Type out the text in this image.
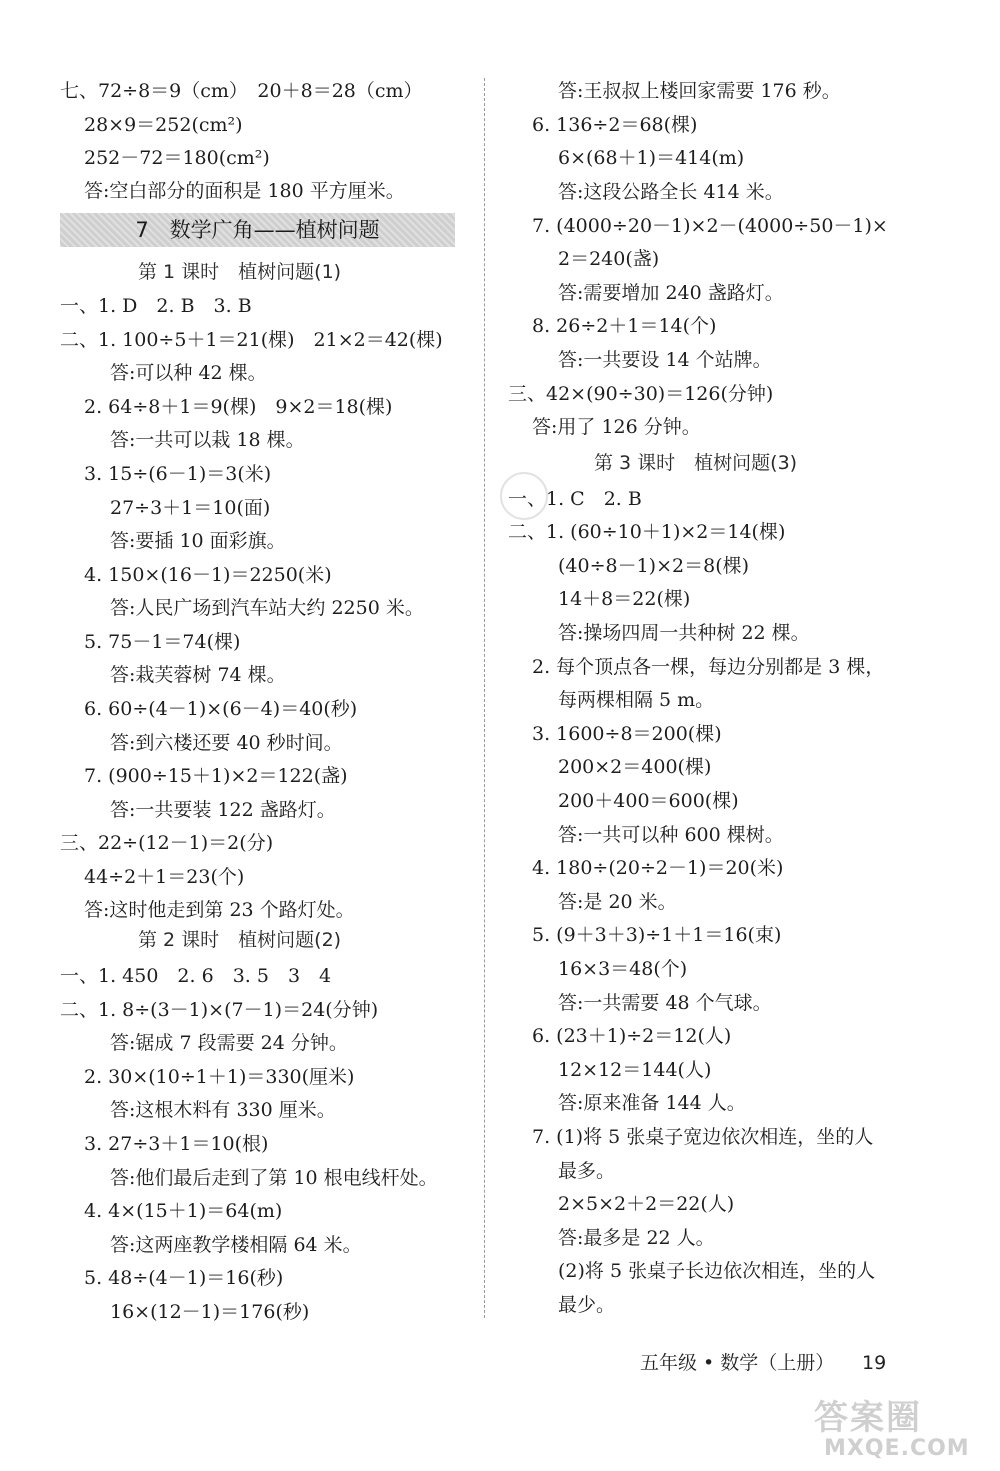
七、72÷8＝9（cm）　20＋8＝28（cm）
28×9＝252(cm²)
252－72＝180(cm²)
答:空白部分的面积是 180 平方厘米。
7　数学广角——植树问题
第 1 课时　植树问题(1)
一、1. D　2. B　3. B
二、1. 100÷5＋1＝21(棵)　21×2＝42(棵)
答:可以种 42 棵。
2. 64÷8＋1＝9(棵)　9×2＝18(棵)
答:一共可以栽 18 棵。
3. 15÷(6－1)＝3(米)
27÷3＋1＝10(面)
答:要插 10 面彩旗。
4. 150×(16－1)＝2250(米)
答:人民广场到汽车站大约 2250 米。
5. 75－1＝74(棵)
答:栽芙蓉树 74 棵。
6. 60÷(4－1)×(6－4)＝40(秒)
答:到六楼还要 40 秒时间。
7. (900÷15＋1)×2＝122(盏)
答:一共要装 122 盏路灯。
三、22÷(12－1)＝2(分)
44÷2＋1＝23(个)
答:这时他走到第 23 个路灯处。
第 2 课时　植树问题(2)
一、1. 450　2. 6　3. 5　3　4
二、1. 8÷(3－1)×(7－1)＝24(分钟)
答:锯成 7 段需要 24 分钟。
2. 30×(10÷1＋1)＝330(厘米)
答:这根木料有 330 厘米。
3. 27÷3＋1＝10(根)
答:他们最后走到了第 10 根电线杆处。
4. 4×(15＋1)＝64(m)
答:这两座教学楼相隔 64 米。
5. 48÷(4－1)＝16(秒)
16×(12－1)＝176(秒)
答:王叔叔上楼回家需要 176 秒。
6. 136÷2＝68(棵)
6×(68＋1)＝414(m)
答:这段公路全长 414 米。
7. (4000÷20－1)×2－(4000÷50－1)×
2＝240(盏)
答:需要增加 240 盏路灯。
8. 26÷2＋1＝14(个)
答:一共要设 14 个站牌。
三、42×(90÷30)＝126(分钟)
答:用了 126 分钟。
第 3 课时　植树问题(3)
一、1. C　2. B
二、1. (60÷10＋1)×2＝14(棵)
(40÷8－1)×2＝8(棵)
14＋8＝22(棵)
答:操场四周一共种树 22 棵。
2. 每个顶点各一棵，每边分别都是 3 棵，
每两棵相隔 5 m。
3. 1600÷8＝200(棵)
200×2＝400(棵)
200＋400＝600(棵)
答:一共可以种 600 棵树。
4. 180÷(20÷2－1)＝20(米)
答:是 20 米。
5. (9＋3＋3)÷1＋1＝16(束)
16×3＝48(个)
答:一共需要 48 个气球。
6. (23＋1)÷2＝12(人)
12×12＝144(人)
答:原来准备 144 人。
7. (1)将 5 张桌子宽边依次相连，坐的人
最多。
2×5×2＋2＝22(人)
答:最多是 22 人。
(2)将 5 张桌子长边依次相连，坐的人
最少。
五年级 • 数学（上册） 19
答案圈
MXQE.COM
